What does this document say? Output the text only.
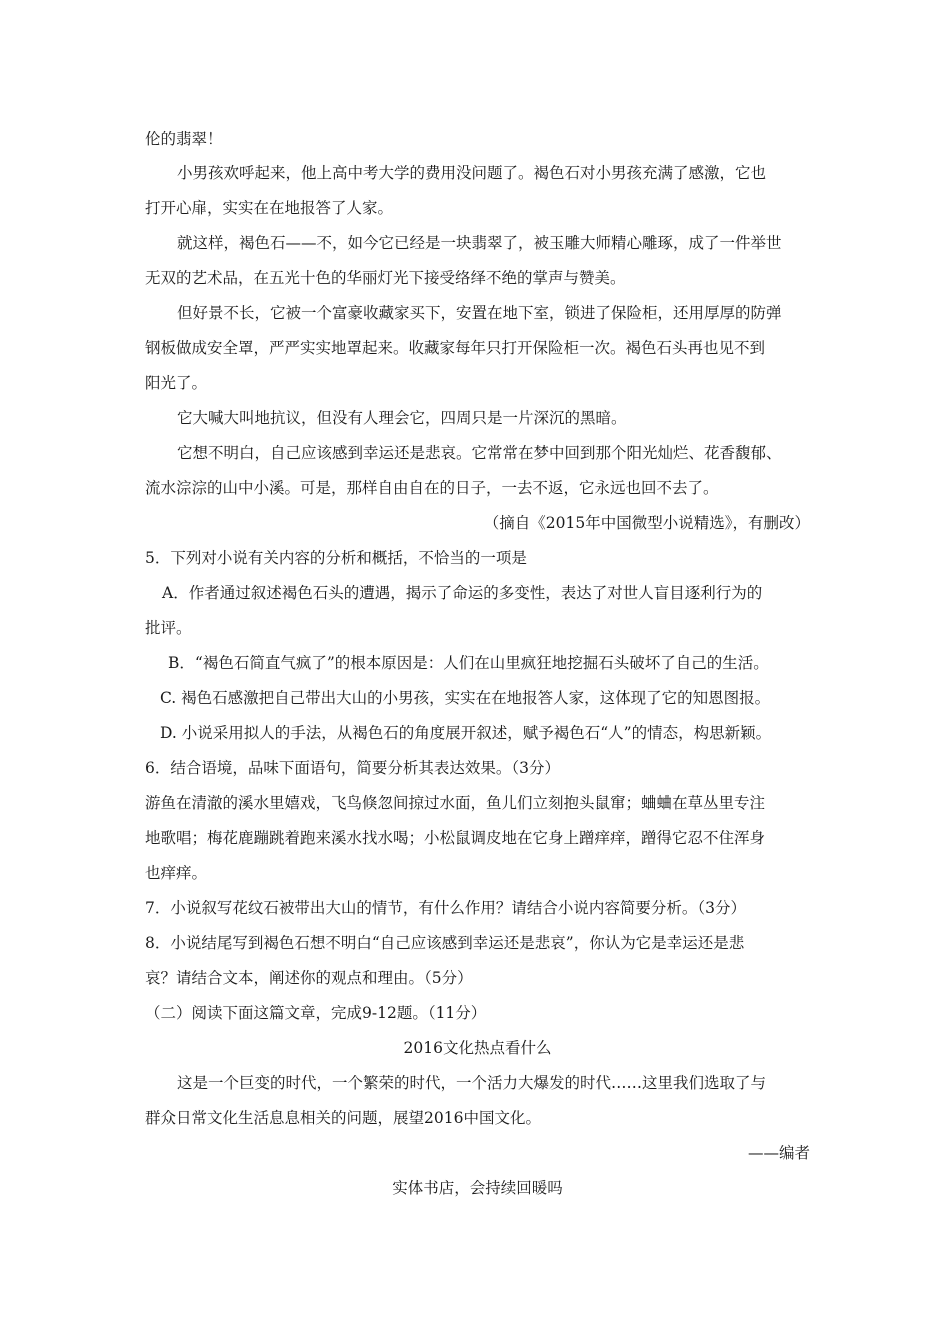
伦的翡翠！
小男孩欢呼起来，他上高中考大学的费用没问题了。褐色石对小男孩充满了感激，它也
打开心扉，实实在在地报答了人家。
就这样，褐色石——不，如今它已经是一块翡翠了，被玉雕大师精心雕琢，成了一件举世
无双的艺术品，在五光十色的华丽灯光下接受络绎不绝的掌声与赞美。
但好景不长，它被一个富豪收藏家买下，安置在地下室，锁进了保险柜，还用厚厚的防弹
钢板做成安全罩，严严实实地罩起来。收藏家每年只打开保险柜一次。褐色石头再也见不到
阳光了。
它大喊大叫地抗议，但没有人理会它，四周只是一片深沉的黑暗。
它想不明白，自己应该感到幸运还是悲哀。它常常在梦中回到那个阳光灿烂、花香馥郁、
流水淙淙的山中小溪。可是，那样自由自在的日子，一去不返，它永远也回不去了。
（摘自《2015年中国微型小说精选》，有删改）
5．下列对小说有关内容的分析和概括，不恰当的一项是
A．作者通过叙述褐色石头的遭遇，揭示了命运的多变性，表达了对世人盲目逐利行为的
批评。
B．“褐色石简直气疯了”的根本原因是：人们在山里疯狂地挖掘石头破坏了自己的生活。
C. 褐色石感激把自己带出大山的小男孩，实实在在地报答人家，这体现了它的知恩图报。
D. 小说采用拟人的手法，从褐色石的角度展开叙述，赋予褐色石“人”的情态，构思新颖。
6．结合语境，品味下面语句，简要分析其表达效果。（3分）
游鱼在清澈的溪水里嬉戏，飞鸟倏忽间掠过水面，鱼儿们立刻抱头鼠窜；蛐蛐在草丛里专注
地歌唱；梅花鹿蹦跳着跑来溪水找水喝；小松鼠调皮地在它身上蹭痒痒，蹭得它忍不住浑身
也痒痒。
7．小说叙写花纹石被带出大山的情节，有什么作用？请结合小说内容简要分析。（3分）
8．小说结尾写到褐色石想不明白“自己应该感到幸运还是悲哀”，你认为它是幸运还是悲
哀？请结合文本，阐述你的观点和理由。（5分）
（二）阅读下面这篇文章，完成9-12题。（11分）
2016文化热点看什么
这是一个巨变的时代，一个繁荣的时代，一个活力大爆发的时代……这里我们选取了与
群众日常文化生活息息相关的问题，展望2016中国文化。
——编者
实体书店，会持续回暖吗
